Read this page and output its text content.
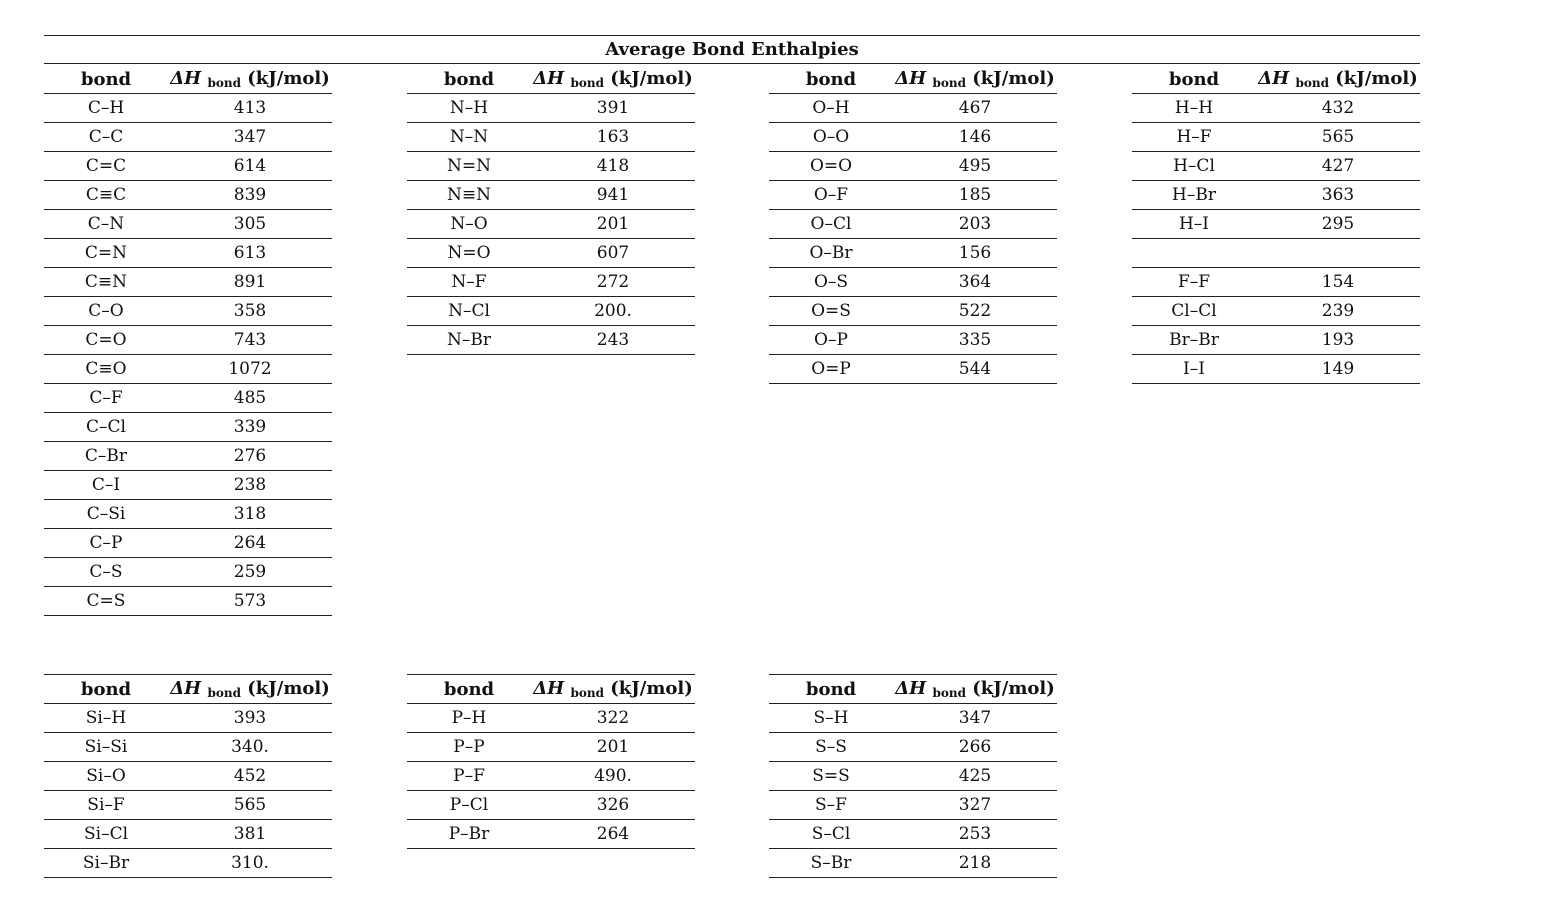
Average Bond Enthalpies
bond	ΔH $_{bond}$ (kJ/mol)
C–H	413
C–C	347
C=C	614
C≡C	839
C–N	305
C=N	613
C≡N	891
C–O	358
C=O	743
C≡O	1072
C–F	485
C–Cl	339
C–Br	276
C–I	238
C–Si	318
C–P	264
C–S	259
C=S	573
bond	ΔH $_{bond}$ (kJ/mol)
N–H	391
N–N	163
N=N	418
N≡N	941
N–O	201
N=O	607
N–F	272
N–Cl	200.
N–Br	243
bond	ΔH $_{bond}$ (kJ/mol)
O–H	467
O–O	146
O=O	495
O–F	185
O–Cl	203
O–Br	156
O–S	364
O=S	522
O–P	335
O=P	544
bond	ΔH $_{bond}$ (kJ/mol)
H–H	432
H–F	565
H–Cl	427
H–Br	363
H–I	295
F–F	154
Cl–Cl	239
Br–Br	193
I–I	149
bond	ΔH $_{bond}$ (kJ/mol)
Si–H	393
Si–Si	340.
Si–O	452
Si–F	565
Si–Cl	381
Si–Br	310.
bond	ΔH $_{bond}$ (kJ/mol)
P–H	322
P–P	201
P–F	490.
P–Cl	326
P–Br	264
bond	ΔH $_{bond}$ (kJ/mol)
S–H	347
S–S	266
S=S	425
S–F	327
S–Cl	253
S–Br	218
